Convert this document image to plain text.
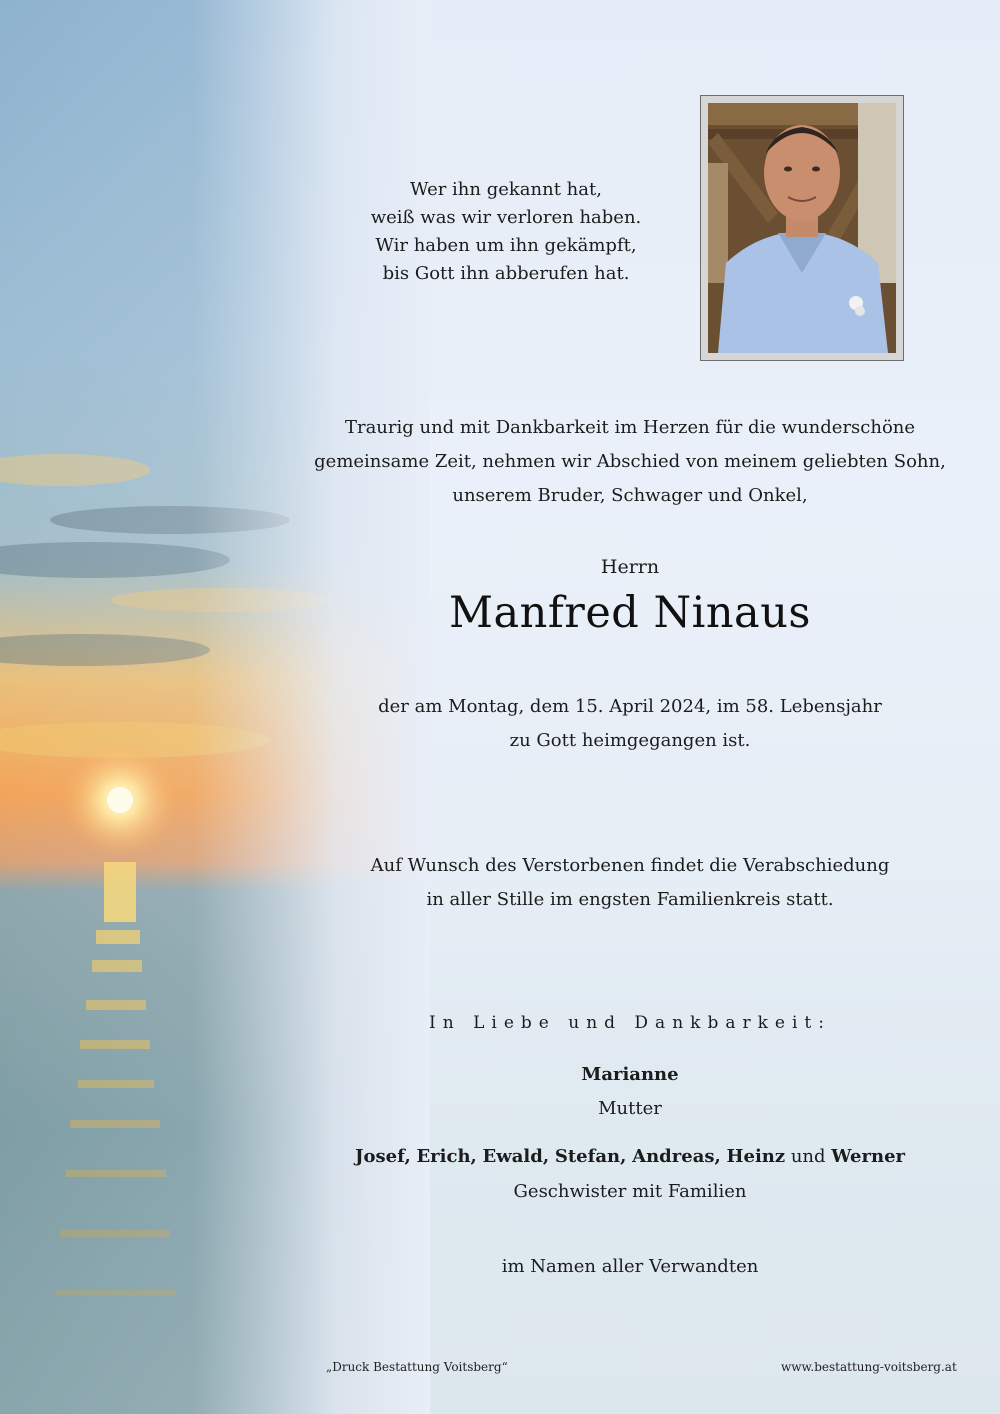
Wer ihn gekannt hat,
weiß was wir verloren haben.
Wir haben um ihn gekämpft,
bis Gott ihn abberufen hat.
Traurig und mit Dankbarkeit im Herzen für die wunderschöne
gemeinsame Zeit, nehmen wir Abschied von meinem geliebten Sohn,
unserem Bruder, Schwager und Onkel,
Herrn
Manfred Ninaus
der am Montag, dem 15. April 2024, im 58. Lebensjahr
zu Gott heimgegangen ist.
Auf Wunsch des Verstorbenen findet die Verabschiedung
in aller Stille im engsten Familienkreis statt.
In Liebe und Dankbarkeit:
Marianne
Mutter
Josef, Erich, Ewald, Stefan, Andreas, Heinz und Werner
Geschwister mit Familien
im Namen aller Verwandten
„Druck Bestattung Voitsberg“	www.bestattung-voitsberg.at
